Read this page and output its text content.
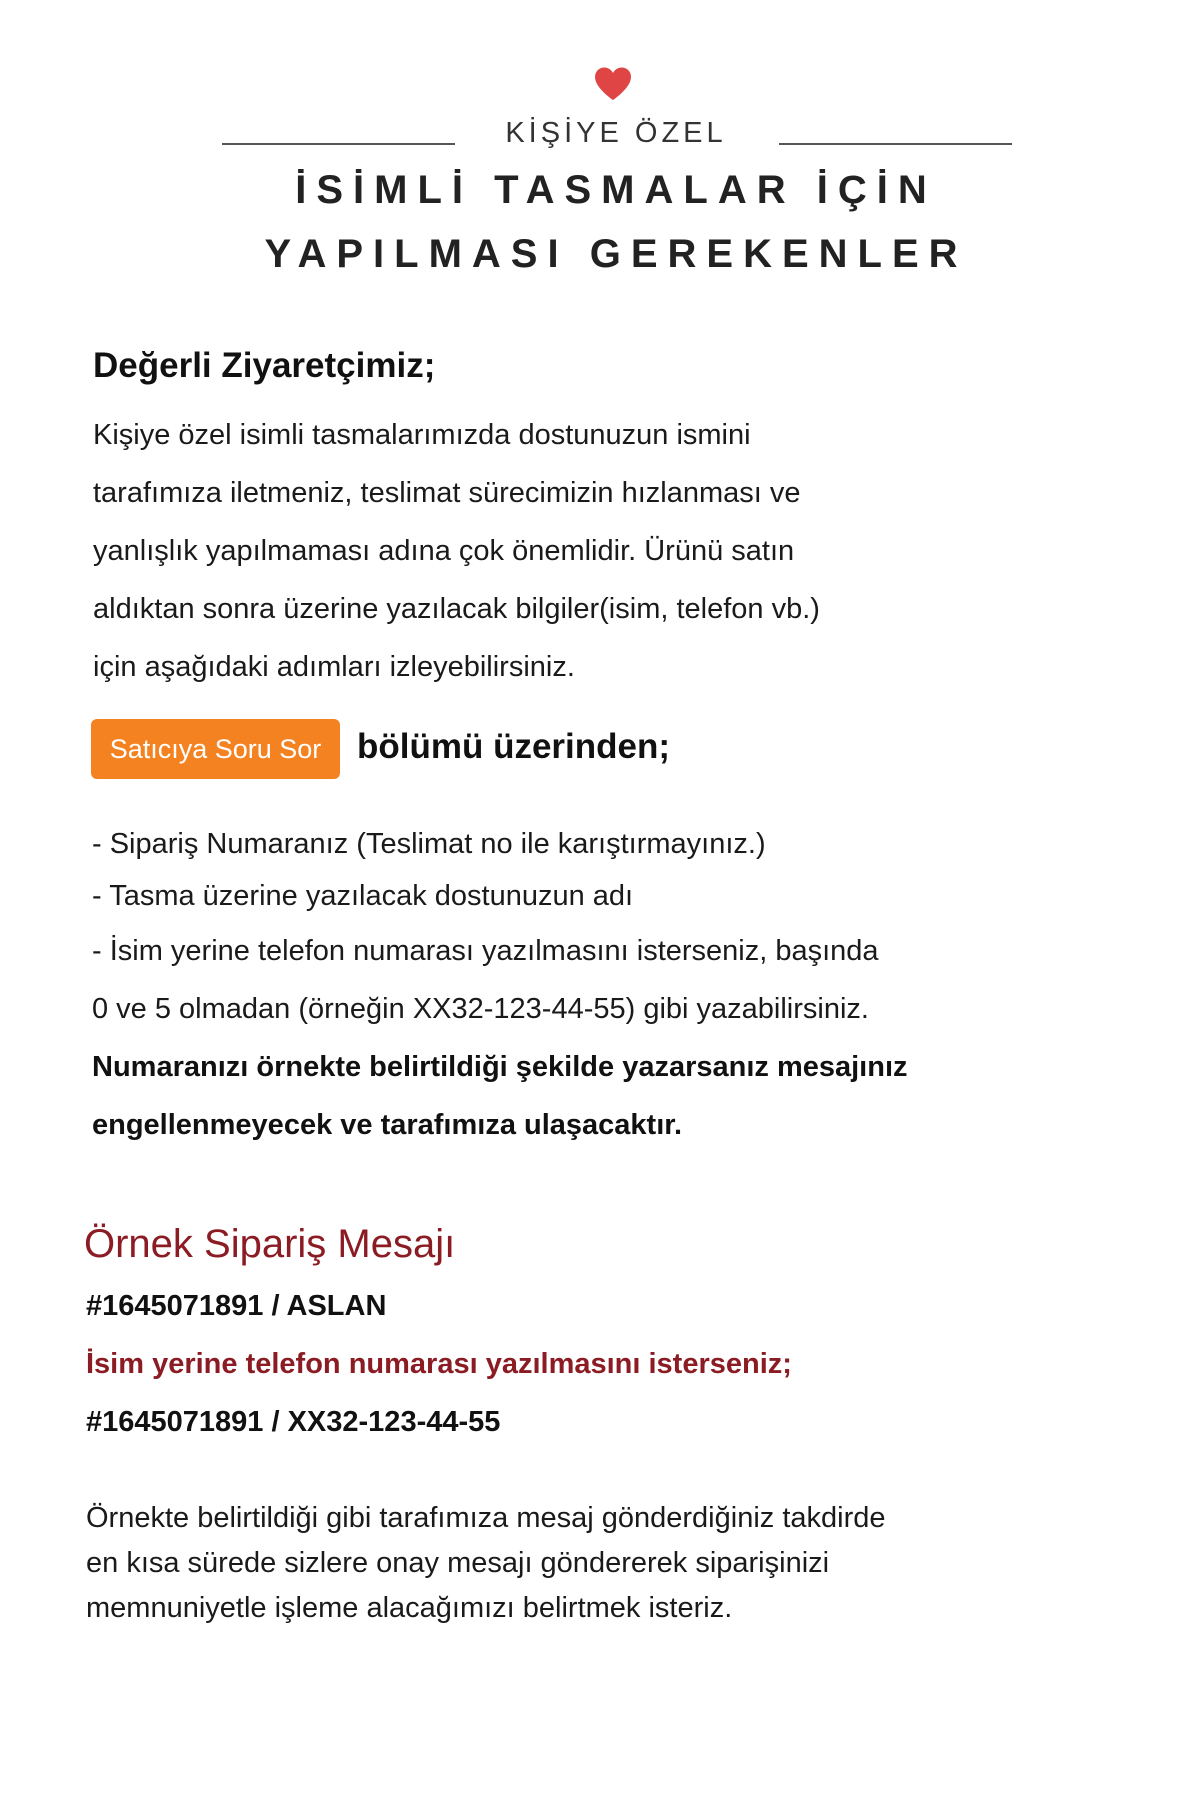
KİŞİYE ÖZEL
İSİMLİ TASMALAR İÇİN
YAPILMASI GEREKENLER
Değerli Ziyaretçimiz;

Kişiye özel isimli tasmalarımızda dostunuzun ismini

tarafımıza iletmeniz, teslimat sürecimizin hızlanması ve

yanlışlık yapılmaması adına çok önemlidir. Ürünü satın

aldıktan sonra üzerine yazılacak bilgiler(isim, telefon vb.)

için aşağıdaki adımları izleyebilirsiniz.

Satıcıya Soru Sor	bölümü üzerinden;
- Sipariş Numaranız (Teslimat no ile karıştırmayınız.)
- Tasma üzerine yazılacak dostunuzun adı
- İsim yerine telefon numarası yazılmasını isterseniz, başında
0 ve 5 olmadan (örneğin XX32-123-44-55) gibi yazabilirsiniz.
Numaranızı örnekte belirtildiği şekilde yazarsanız mesajınız
engellenmeyecek ve tarafımıza ulaşacaktır.
Örnek Sipariş Mesajı
#1645071891 / ASLAN
İsim yerine telefon numarası yazılmasını isterseniz;
#1645071891 / XX32-123-44-55

Örnekte belirtildiği gibi tarafımıza mesaj gönderdiğiniz takdirde

en kısa sürede sizlere onay mesajı göndererek siparişinizi

memnuniyetle işleme alacağımızı belirtmek isteriz.
